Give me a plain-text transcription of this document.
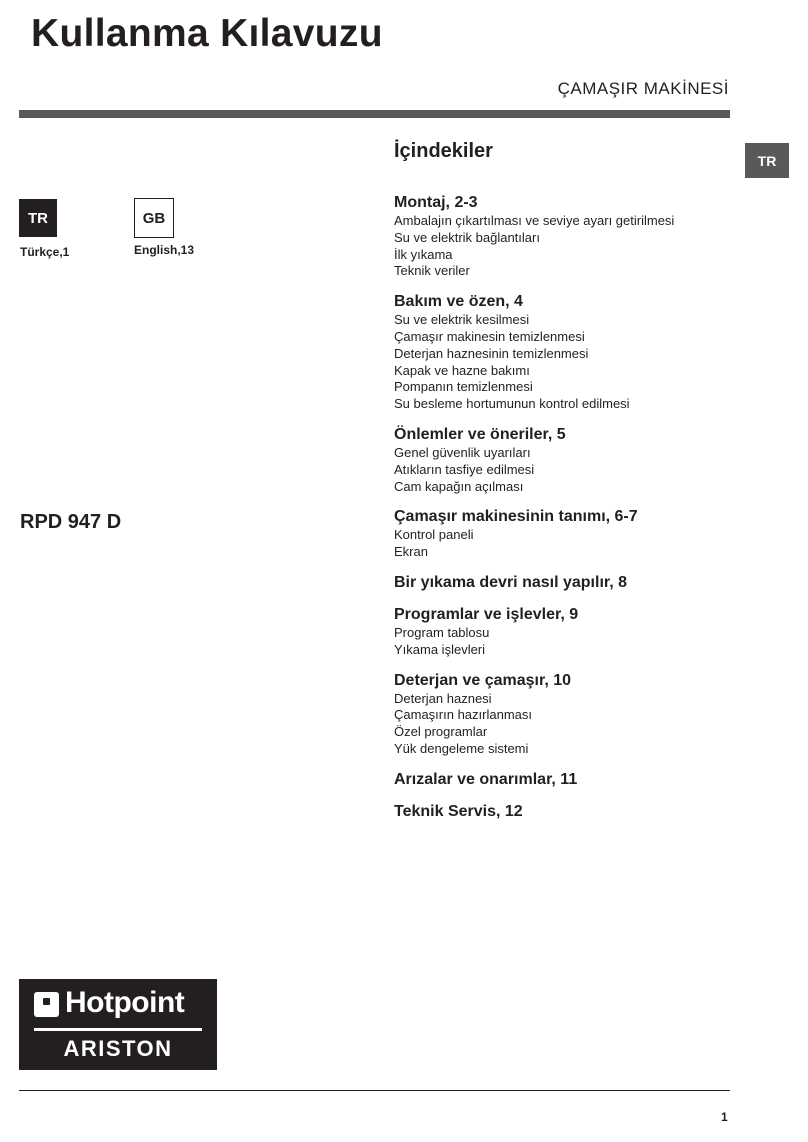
Kullanma Kılavuzu
ÇAMAŞIR MAKİNESİ
TR
TR
Türkçe,1
GB
English,13
RPD 947 D
İçindekiler
Montaj, 2-3
Ambalajın çıkartılması ve seviye ayarı getirilmesi
Su ve elektrik bağlantıları
İlk yıkama
Teknik veriler
Bakım ve özen, 4
Su ve elektrik kesilmesi
Çamaşır makinesin temizlenmesi
Deterjan haznesinin temizlenmesi
Kapak ve hazne bakımı
Pompanın temizlenmesi
Su besleme hortumunun kontrol edilmesi
Önlemler ve öneriler, 5
Genel güvenlik uyarıları
Atıkların tasfiye edilmesi
Cam kapağın açılması
Çamaşır makinesinin tanımı, 6-7
Kontrol paneli
Ekran
Bir yıkama devri nasıl yapılır, 8
Programlar ve işlevler, 9
Program tablosu
Yıkama işlevleri
Deterjan ve çamaşır, 10
Deterjan haznesi
Çamaşırın hazırlanması
Özel programlar
Yük dengeleme sistemi
Arızalar ve onarımlar, 11
Teknik Servis, 12
Hotpoint
ARISTON
1
